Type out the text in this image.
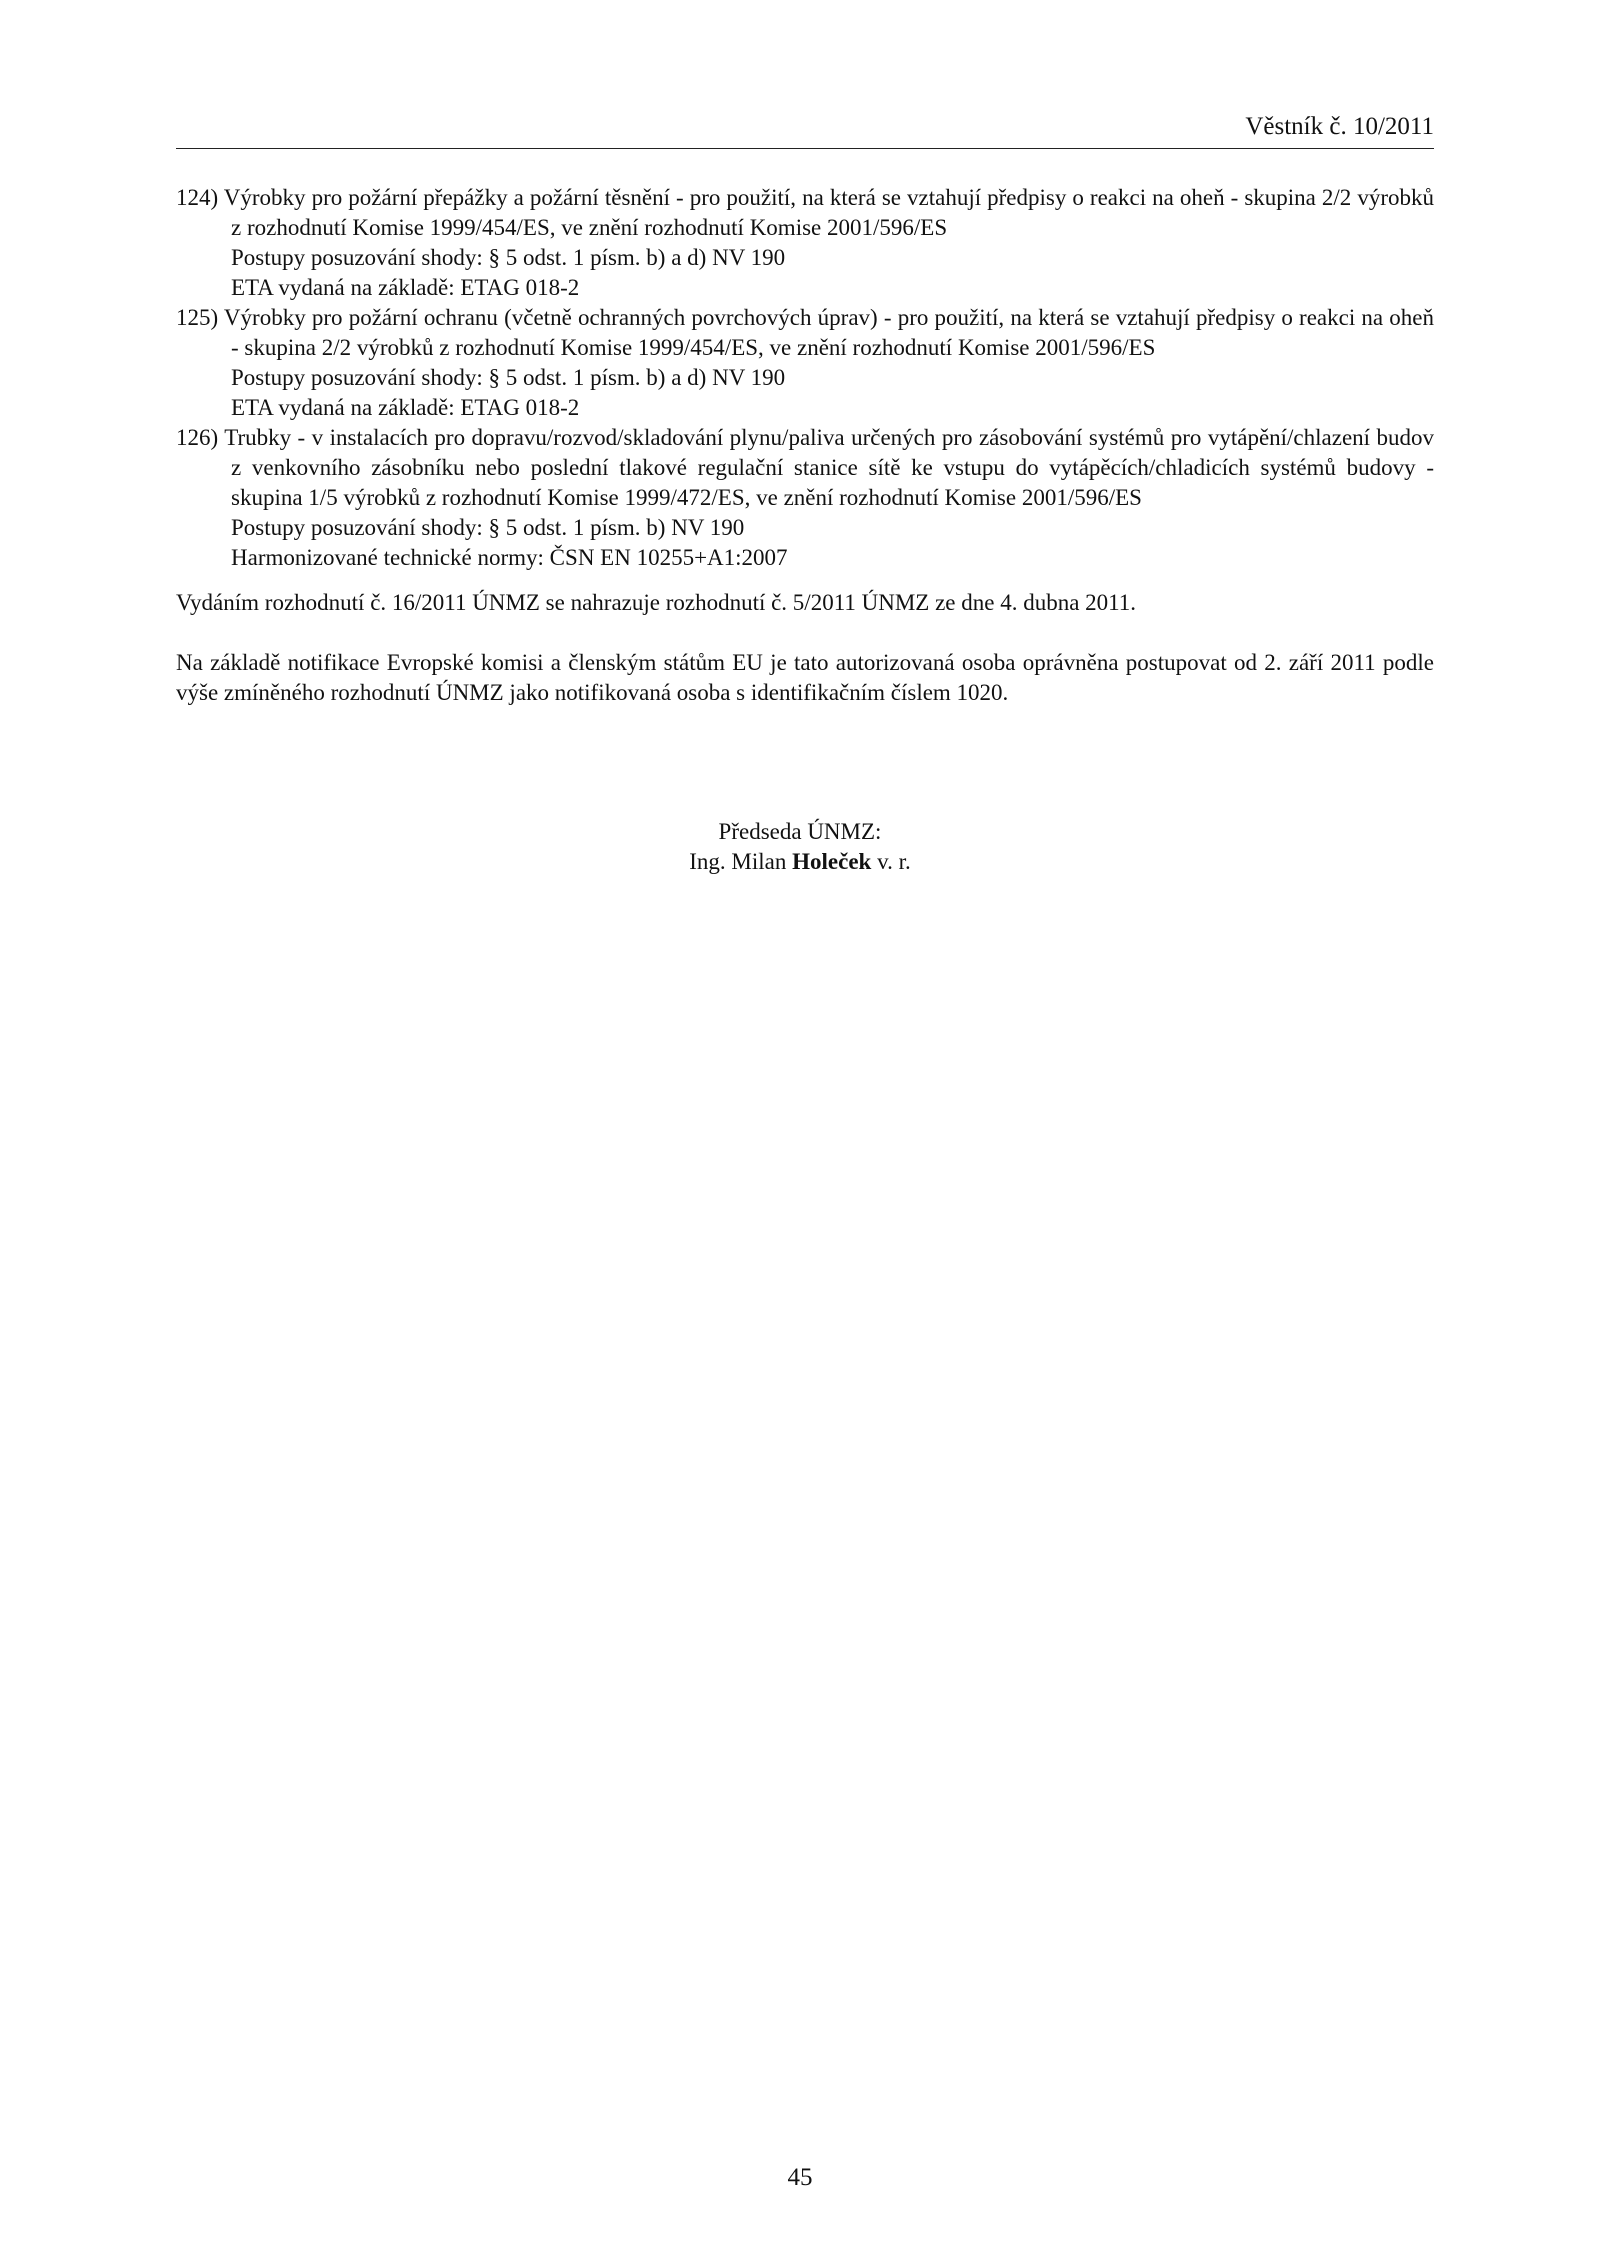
Věstník č. 10/2011

124) Výrobky pro požární přepážky a požární těsnění - pro použití, na která se vztahují předpisy o reakci na oheň - skupina 2/2 výrobků z rozhodnutí Komise 1999/454/ES, ve znění rozhodnutí Komise 2001/596/ES

Postupy posuzování shody: § 5 odst. 1 písm. b) a d) NV 190

ETA vydaná na základě: ETAG 018-2

125) Výrobky pro požární ochranu (včetně ochranných povrchových úprav) - pro použití, na která se vztahují předpisy o reakci na oheň - skupina 2/2 výrobků z rozhodnutí Komise 1999/454/ES, ve znění rozhodnutí Komise 2001/596/ES

Postupy posuzování shody: § 5 odst. 1 písm. b) a d) NV 190

ETA vydaná na základě: ETAG 018-2

126) Trubky - v instalacích pro dopravu/rozvod/skladování plynu/paliva určených pro zásobování systémů pro vytápění/chlazení budov z venkovního zásobníku nebo poslední tlakové regulační stanice sítě ke vstupu do vytápěcích/chladicích systémů budovy - skupina 1/5 výrobků z rozhodnutí Komise 1999/472/ES, ve znění rozhodnutí Komise 2001/596/ES

Postupy posuzování shody: § 5 odst. 1 písm. b) NV 190

Harmonizované technické normy: ČSN EN 10255+A1:2007

Vydáním rozhodnutí č. 16/2011 ÚNMZ se nahrazuje rozhodnutí č. 5/2011 ÚNMZ ze dne 4. dubna 2011.

Na základě notifikace Evropské komisi a členským státům EU je tato autorizovaná osoba oprávněna postupovat od 2. září 2011 podle výše zmíněného rozhodnutí ÚNMZ jako notifikovaná osoba s identifikačním číslem 1020.

Předseda ÚNMZ:
Ing. Milan Holeček v. r.
45
